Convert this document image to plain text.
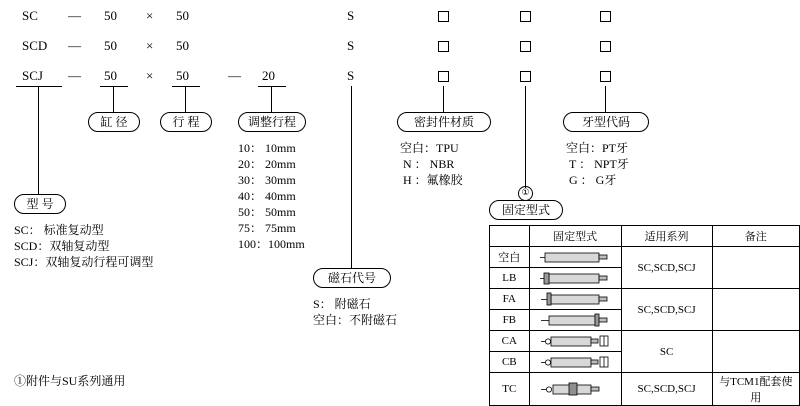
SC — 50 × 50	S
SCD — 50 × 50	S
SCJ — 50 × 50	— 20	S
缸 径	行 程	调整行程	密封件材质	牙型代码
型 号
磁石代号
固定型式
①
10： 10mm
20： 20mm
30： 30mm
40： 40mm
50： 50mm
75： 75mm
100：100mm
空白：TPU
N ： NBR
H ：氟橡胶
空白：PT牙
T ： NPT牙
G ： G牙
SC： 标准复动型
SCD：双轴复动型
SCJ：双轴复动行程可调型
S： 附磁石
空白：不附磁石
①附件与SU系列通用
	固定型式	适用系列	备注
空白		SC,SCD,SCJ	
LB	

FA		SC,SCD,SCJ	
FB	

CA		SC	
CB	

TC		SC,SCD,SCJ	与TCM1配套使用
